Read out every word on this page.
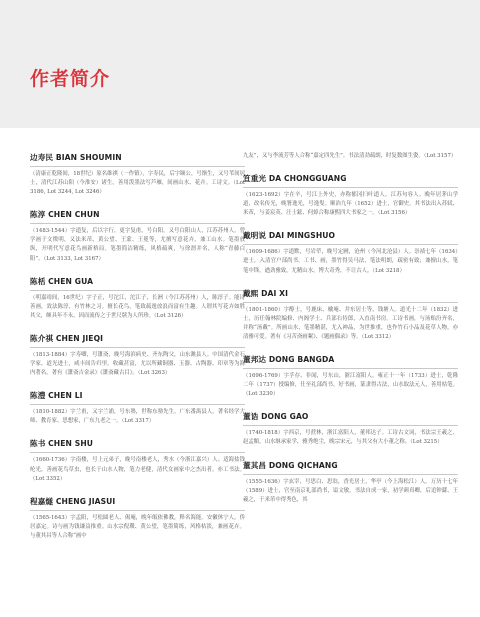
作者简介
边寿民 BIAN SHOUMIN

（清康正乾隆间，18世纪）原名维祺（一作镇），字寿民，后字颐公，号渐生，又号苇间居士，清代江苏山阳（今淮安）诸生。善用泼墨法写芦雁，间画山水、花卉。工诗文。（Lot 3186, Lot 3244, Lot 3246）

陈淳 CHEN CHUN

（1483-1544）字道复，后以字行，更字复甫，号白阳，又号白阳山人，江苏苏州人。曾学画于文徵明，又法米芾、黄公望、王蒙、王冕等，尤擅写意花卉，兼工山水。笔墨放纵，开明代写意花鸟画新格局。笔墨简洁精练，风格疏爽，与徐渭并名，人称“青藤白阳”。（Lot 3133, Lot 3167）

陈栝 CHEN GUA

（明嘉靖间，16世纪）字子正，号沱江，沱江子，长洲（今江苏苏州）人，陈淳子。能诗善画，效法陈淳，有竹林之习。擅长花鸟，笔致疏逸放浪而富有生趣。人谓其写花卉如胜其父，颇具年不永，因而流传之于世尺牍为人所珍。（Lot 3126）

陈介祺 CHEN JIEQI

（1813-1884）字寿卿，号簠斋，晚号海滨病史、齐东陶父，山东潍县人。中国清代金石学家。道光进士，咸丰间告归里。收藏甚富，尤以所藏铜器、玉器、古陶器、印章等为海内著名。著有《簠斋吉金录》《簠斋藏古目》。（Lot 3263）

陈澧 CHEN LI

（1810-1882）字兰甫，又字兰浦，号东塾，世称东塾先生。广东番禺县人。著名经学大师、教育家、思想家，广东九老之一。（Lot 3317）

陈书 CHEN SHU

（1660-1736）字南楼，号上元弟子，晚号南楼老人，秀水（今浙江嘉兴）人。适海盐钱纶光，善画花鸟草虫，也长于山水人物，笔力老健，清代女画家中之杰出者。亦工书法。（Lot 3352）

程嘉燧 CHENG JIASUI

（1565-1643）字孟阳，号松圆老人、偈庵，晚年皈依佛教，释名海能。安徽休宁人，侨居嘉定。诗与画为钱谦益推重。山水宗倪瓒、黄公望，笔墨简练，风格枯淡，兼画花卉。与董其昌等人合称“画中

九友”，又与李流芳等人合称“嘉定四先生”。书法清劲疏朗，时复数图生姿。（Lot 3157）

笪重光 DA CHONGGUANG

（1623-1692）字在辛，号江上外史，亦称郁冈扫叶道人。江苏句容人。晚年居茅山学道，改名传光，晚署逸光，号逸叟。顺治九年（1652）进士，官御史。其书法出入苏轼、米芾，与姜宸英、汪士鋐、何焯合称康熙四大书家之一。（Lot 3156）

戴明说 DAI MINGSHUO

（1609-1686）字道默，号岩荦，晚号定圃，沧州（今河北沧县）人。崇祯七年（1634）进士，入清官户部尚书。工书、画，墨竹得吴马法，笔法明朗，疏密有致；兼擅山水，笔笔中锋，遒劲雅致，尤精山水，博大奇秀，不让古人。（Lot 3218）

戴熙 DAI XI

（1801-1860）字醇士，号鹿床、榆庵、井东居士等，钱塘人。道光十二年（1832）进士，历任翰林院编修、内阁学士、兵部右侍郎，入直南书房。工诗书画，与汤贻汾齐名，并称“汤戴”。所画山水，笔墨精湛，尤入神品，为世推重，也作竹石小品及花草人物，亦清雅可爱。著有《习苦斋画絮》、《题画偶录》等。（Lot 3312）

董邦达 DONG BANGDA

（1696-1769）字孚存、非闻，号东山，浙江富阳人。雍正十一年（1733）进士，乾隆二年（1737）授编修，仕至礼部尚书。好书画，篆隶得古法，山水取法元人，善用枯笔。（Lot 3230）

董诰 DONG GAO

（1740-1818）字西京，号蔗林，浙江富阳人，董邦达子。工诗古文词，书法宗王羲之、赵孟頫，山水继承家学，雅秀绝尘，晚宗宋元，与其父有大小董之称。（Lot 3215）

董其昌 DONG QICHANG

（1555-1636）字玄宰，号思白、思翁，香光居士，华亭（今上海松江）人。万历十七年（1589）进士，官至南京礼部尚书，谥文敏。书法自成一家，初学颜真卿，后追钟繇、王羲之，于米芾中得秀色，其
